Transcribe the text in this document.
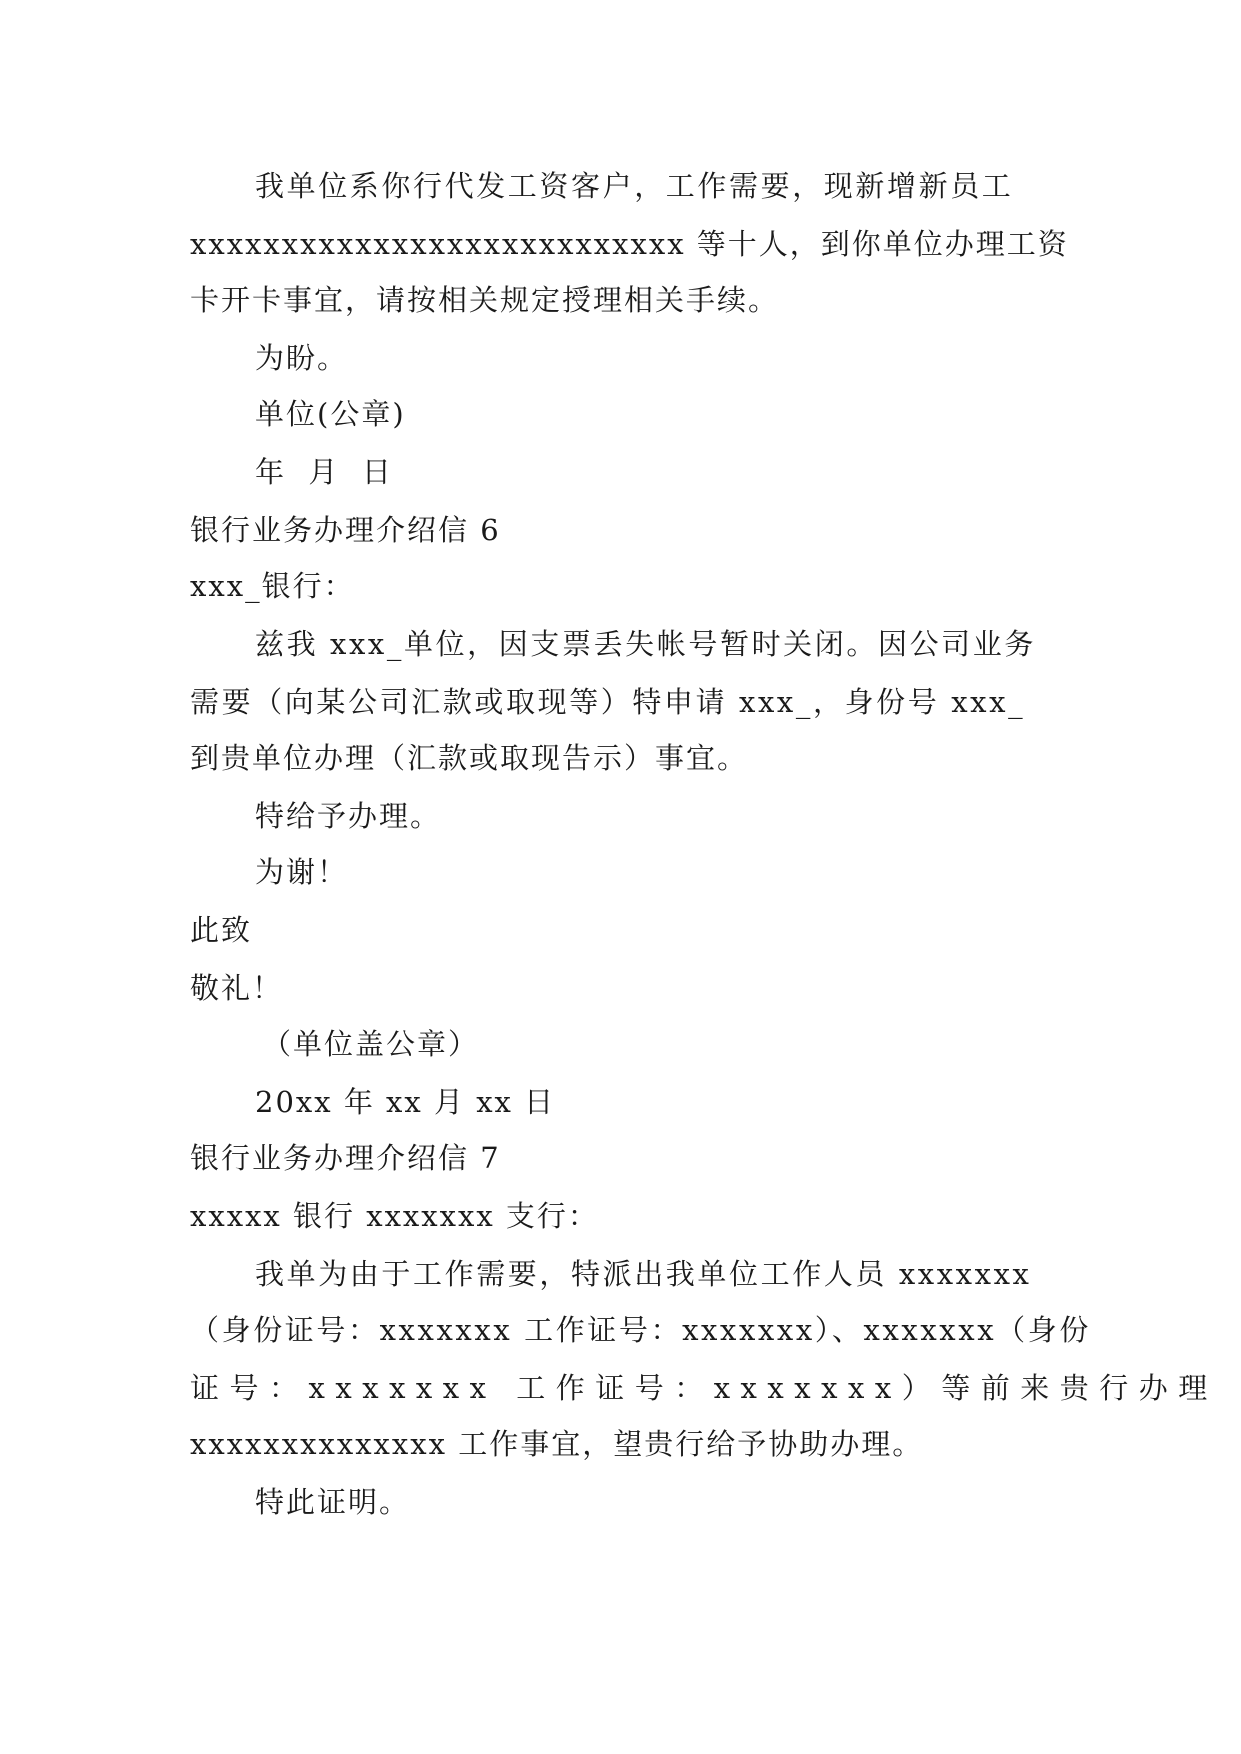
我单位系你行代发工资客户，工作需要，现新增新员工
xxxxxxxxxxxxxxxxxxxxxxxxxxx 等十人，到你单位办理工资
卡开卡事宜，请按相关规定授理相关手续。
为盼。
单位(公章)
年  月  日
银行业务办理介绍信 6
xxx_银行：
兹我 xxx_单位，因支票丢失帐号暂时关闭。因公司业务
需要（向某公司汇款或取现等）特申请 xxx_，身份号 xxx_
到贵单位办理（汇款或取现告示）事宜。
特给予办理。
为谢！
此致
敬礼！
（单位盖公章）
20xx 年 xx 月 xx 日
银行业务办理介绍信 7
xxxxx 银行 xxxxxxx 支行：
我单为由于工作需要，特派出我单位工作人员 xxxxxxx
（身份证号：xxxxxxx 工作证号：xxxxxxx）、xxxxxxx（身份
证号：xxxxxxx 工作证号：xxxxxxx）等前来贵行办理
xxxxxxxxxxxxxx 工作事宜，望贵行给予协助办理。
特此证明。
